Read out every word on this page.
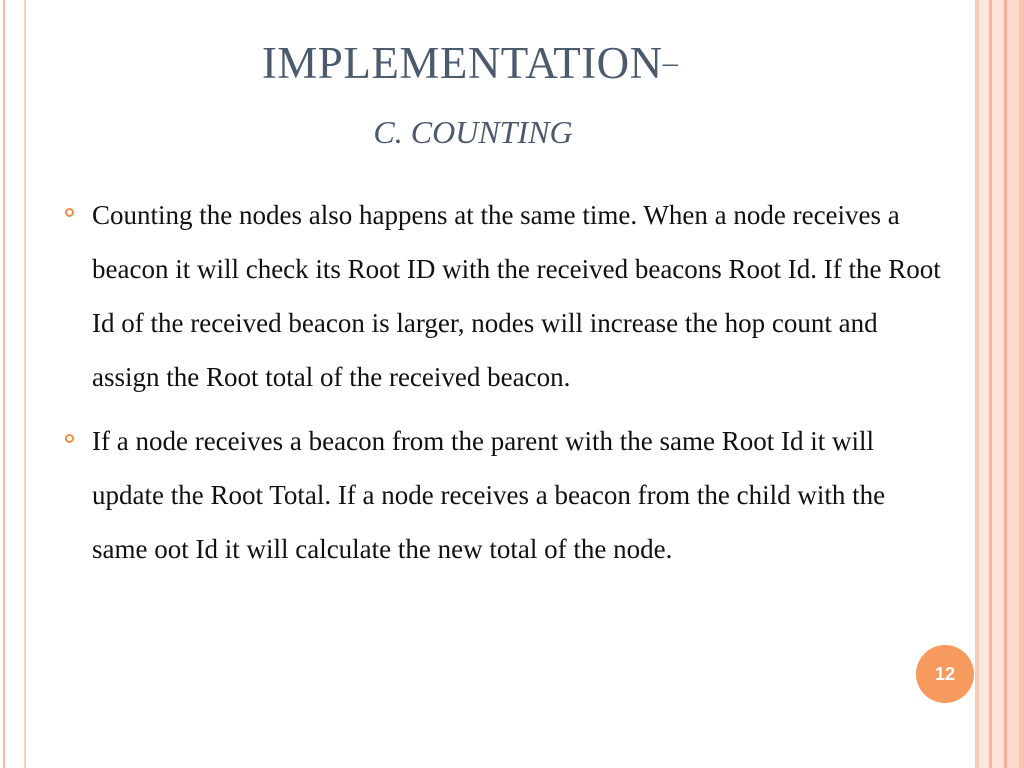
IMPLEMENTATION–
C. COUNTING
Counting the nodes also happens at the same time. When a node receives a beacon it will check its Root ID with the received beacons Root Id. If the Root Id of the received beacon is larger, nodes will increase the hop count and assign the Root total of the received beacon.
If a node receives a beacon from the parent with the same Root Id it will update the Root Total. If a node receives a beacon from the child with the same oot Id it will calculate the new total of the node.
12
